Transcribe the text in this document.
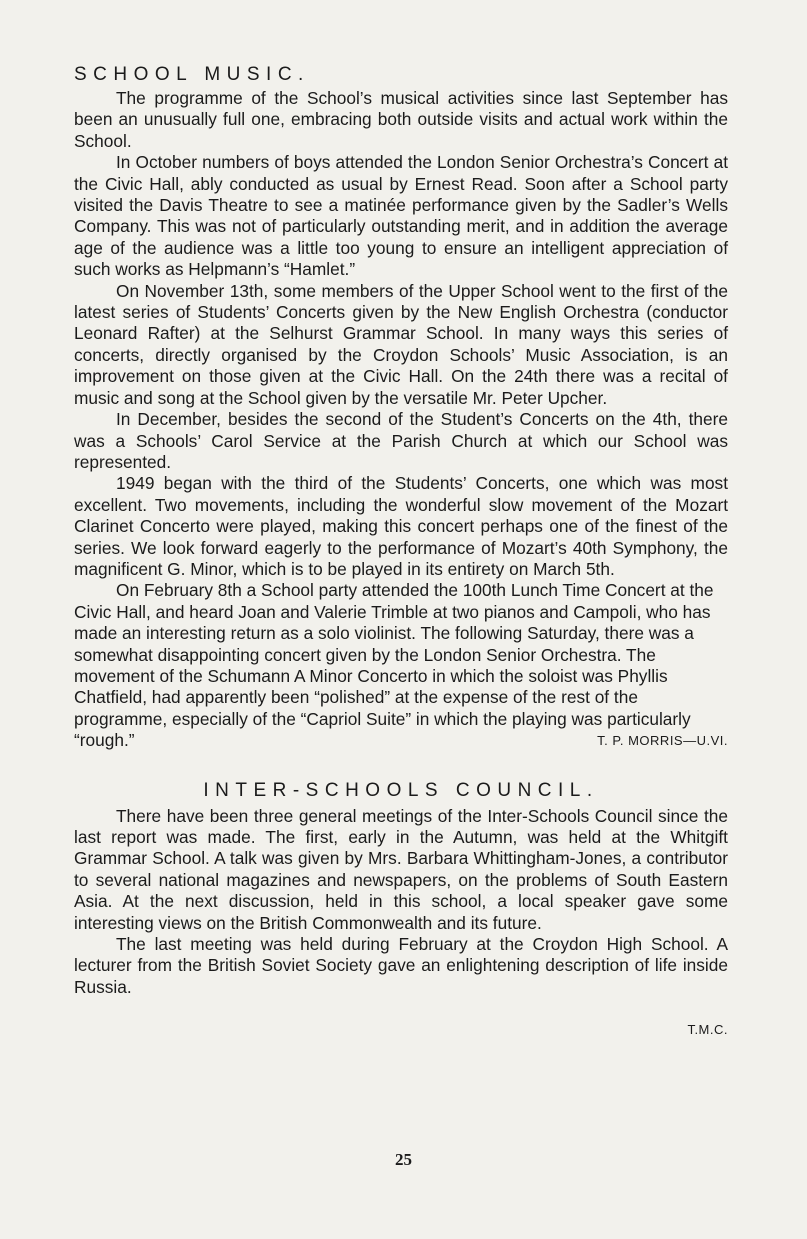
SCHOOL MUSIC.

The programme of the School’s musical activities since last September has been an unusually full one, embracing both outside visits and actual work within the School.

In October numbers of boys attended the London Senior Orchestra’s Concert at the Civic Hall, ably conducted as usual by Ernest Read. Soon after a School party visited the Davis Theatre to see a matinée performance given by the Sadler’s Wells Company. This was not of particularly outstanding merit, and in addition the average age of the audience was a little too young to ensure an intelligent appreciation of such works as Helpmann’s “Hamlet.”

On November 13th, some members of the Upper School went to the first of the latest series of Students’ Concerts given by the New English Orchestra (conductor Leonard Rafter) at the Selhurst Grammar School. In many ways this series of concerts, directly organised by the Croydon Schools’ Music Association, is an improvement on those given at the Civic Hall. On the 24th there was a recital of music and song at the School given by the versatile Mr. Peter Upcher.

In December, besides the second of the Student’s Concerts on the 4th, there was a Schools’ Carol Service at the Parish Church at which our School was represented.

1949 began with the third of the Students’ Concerts, one which was most excellent. Two movements, including the wonderful slow movement of the Mozart Clarinet Concerto were played, making this concert perhaps one of the finest of the series. We look forward eagerly to the performance of Mozart’s 40th Symphony, the magnificent G. Minor, which is to be played in its entirety on March 5th.

On February 8th a School party attended the 100th Lunch Time Concert at the Civic Hall, and heard Joan and Valerie Trimble at two pianos and Campoli, who has made an interesting return as a solo violinist. The following Saturday, there was a somewhat disappointing concert given by the London Senior Orchestra. The movement of the Schumann A Minor Concerto in which the soloist was Phyllis Chatfield, had apparently been “polished” at the expense of the rest of the programme, especially of the “Capriol Suite” in which the playing was particularly “rough.”	T. P. MORRIS—U.VI.
INTER-SCHOOLS COUNCIL.

There have been three general meetings of the Inter-Schools Council since the last report was made. The first, early in the Autumn, was held at the Whitgift Grammar School. A talk was given by Mrs. Barbara Whittingham-Jones, a contributor to several national magazines and newspapers, on the problems of South Eastern Asia. At the next discussion, held in this school, a local speaker gave some interesting views on the British Commonwealth and its future.

The last meeting was held during February at the Croydon High School. A lecturer from the British Soviet Society gave an enlightening description of life inside Russia.

T.M.C.
25
